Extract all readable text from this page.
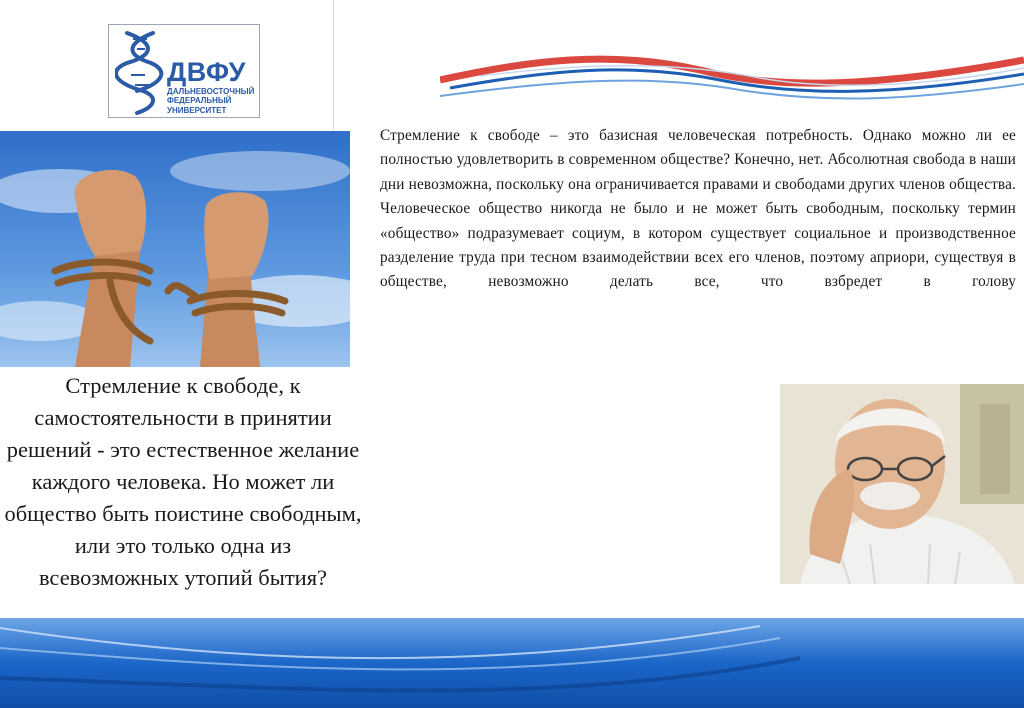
ДВФУ
ДАЛЬНЕВОСТОЧНЫЙ
ФЕДЕРАЛЬНЫЙ
УНИВЕРСИТЕТ
Стремление к свободе, к самостоятельности в принятии решений - это естественное желание каждого человека. Но может ли общество быть поистине свободным, или это только одна из всевозможных утопий бытия?
Стремление к свободе – это базисная человеческая потребность. Однако можно ли ее полностью удовлетворить в современном обществе? Конечно, нет. Абсолютная свобода в наши дни невозможна, поскольку она ограничивается правами и свободами других членов общества. Человеческое общество никогда не было и не может быть свободным, поскольку термин «общество» подразумевает социум, в котором существует социальное и производственное разделение труда при тесном взаимодействии всех его членов, поэтому априори, существуя в обществе, невозможно делать все, что взбредет в голову
